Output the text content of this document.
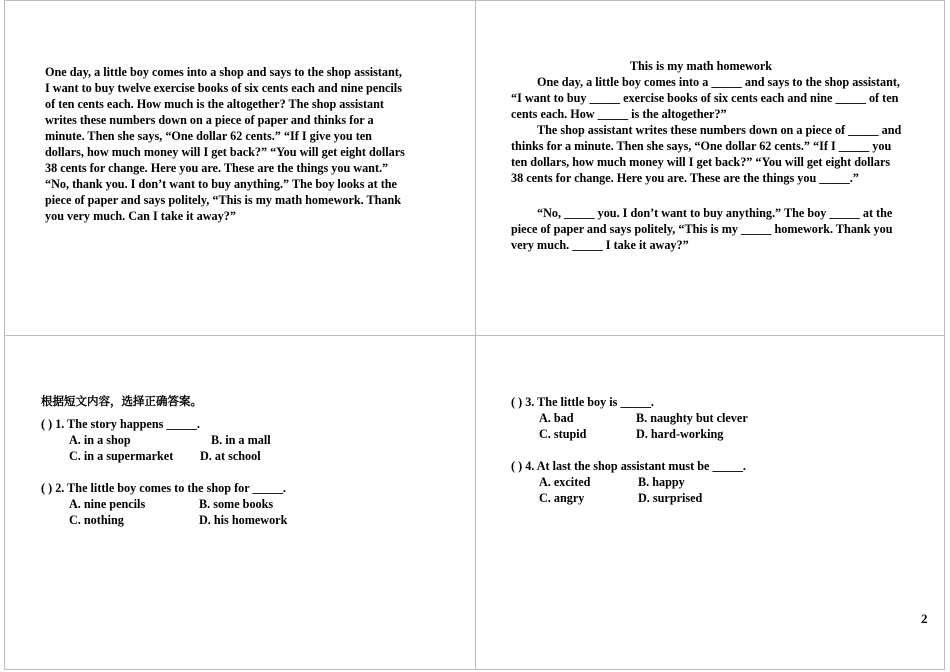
One day, a little boy comes into a shop and says to the shop assistant, I want to buy twelve exercise books of six cents each and nine pencils of ten cents each. How much is the altogether? The shop assistant writes these numbers down on a piece of paper and thinks for a minute. Then she says, “One dollar 62 cents.” “If I give you ten dollars, how much money will I get back?” “You will get eight dollars 38 cents for change. Here you are. These are the things you want.” “No, thank you. I don’t want to buy anything.” The boy looks at the piece of paper and says politely, “This is my math homework. Thank you very much. Can I take it away?”

This is my math homework

One day, a little boy comes into a _____ and says to the shop assistant, “I want to buy _____ exercise books of six cents each and nine _____ of ten cents each. How _____ is the altogether?”

The shop assistant writes these numbers down on a piece of _____ and thinks for a minute. Then she says, “One dollar 62 cents.” “If I _____ you ten dollars, how much money will I get back?” “You will get eight dollars 38 cents for change. Here you are. These are the things you _____.”

“No, _____ you. I don’t want to buy anything.” The boy _____ at the piece of paper and says politely, “This is my _____ homework. Thank you very much. _____ I take it away?”

根据短文内容，选择正确答案。
( ) 1. The story happens _____.
A. in a shop	B. in a mall
C. in a supermarket D. at school
( ) 2. The little boy comes to the shop for _____.
A. nine pencils	B. some books
C. nothing	D. his homework
( ) 3. The little boy is _____.
A. bad	B. naughty but clever
C. stupid	D. hard-working
( ) 4. At last the shop assistant must be _____.
A. excited	B. happy
C. angry	D. surprised
2
